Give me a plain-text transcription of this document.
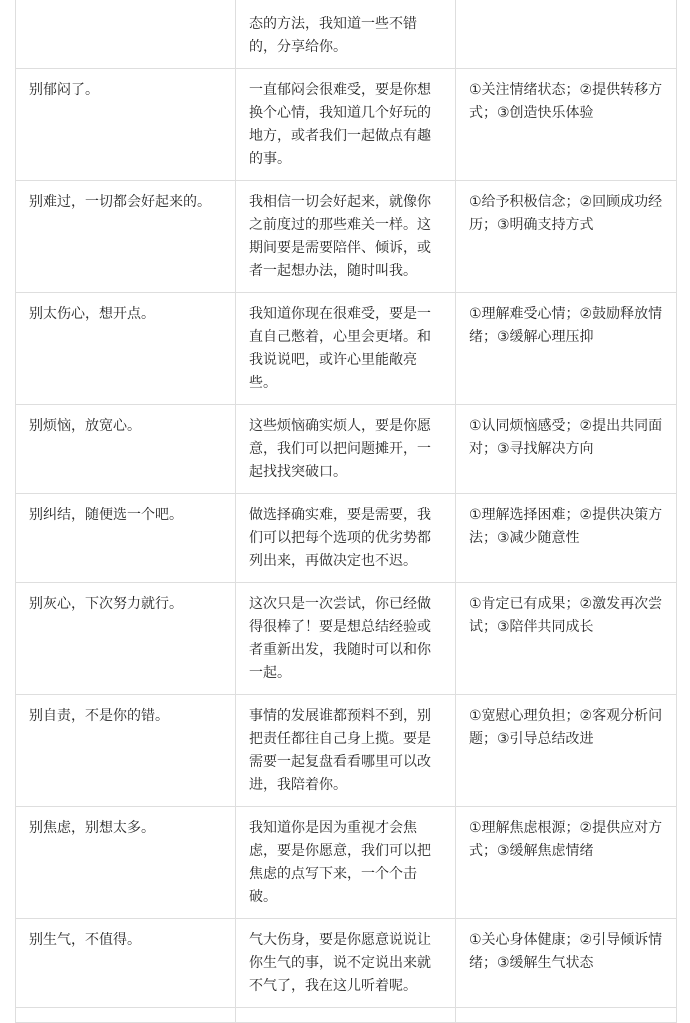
	态的方法，我知道一些不错的，分享给你。	
别郁闷了。	一直郁闷会很难受，要是你想换个心情，我知道几个好玩的地方，或者我们一起做点有趣的事。	①关注情绪状态；②提供转移方式；③创造快乐体验
别难过，一切都会好起来的。	我相信一切会好起来，就像你之前度过的那些难关一样。这期间要是需要陪伴、倾诉，或者一起想办法，随时叫我。	①给予积极信念；②回顾成功经历；③明确支持方式
别太伤心，想开点。	我知道你现在很难受，要是一直自己憋着，心里会更堵。和我说说吧，或许心里能敞亮些。	①理解难受心情；②鼓励释放情绪；③缓解心理压抑
别烦恼，放宽心。	这些烦恼确实烦人，要是你愿意，我们可以把问题摊开，一起找找突破口。	①认同烦恼感受；②提出共同面对；③寻找解决方向
别纠结，随便选一个吧。	做选择确实难，要是需要，我们可以把每个选项的优劣势都列出来，再做决定也不迟。	①理解选择困难；②提供决策方法；③减少随意性
别灰心，下次努力就行。	这次只是一次尝试，你已经做得很棒了！要是想总结经验或者重新出发，我随时可以和你一起。	①肯定已有成果；②激发再次尝试；③陪伴共同成长
别自责，不是你的错。	事情的发展谁都预料不到，别把责任都往自己身上揽。要是需要一起复盘看看哪里可以改进，我陪着你。	①宽慰心理负担；②客观分析问题；③引导总结改进
别焦虑，别想太多。	我知道你是因为重视才会焦虑，要是你愿意，我们可以把焦虑的点写下来，一个个击破。	①理解焦虑根源；②提供应对方式；③缓解焦虑情绪
别生气，不值得。	气大伤身，要是你愿意说说让你生气的事，说不定说出来就不气了，我在这儿听着呢。	①关心身体健康；②引导倾诉情绪；③缓解生气状态
